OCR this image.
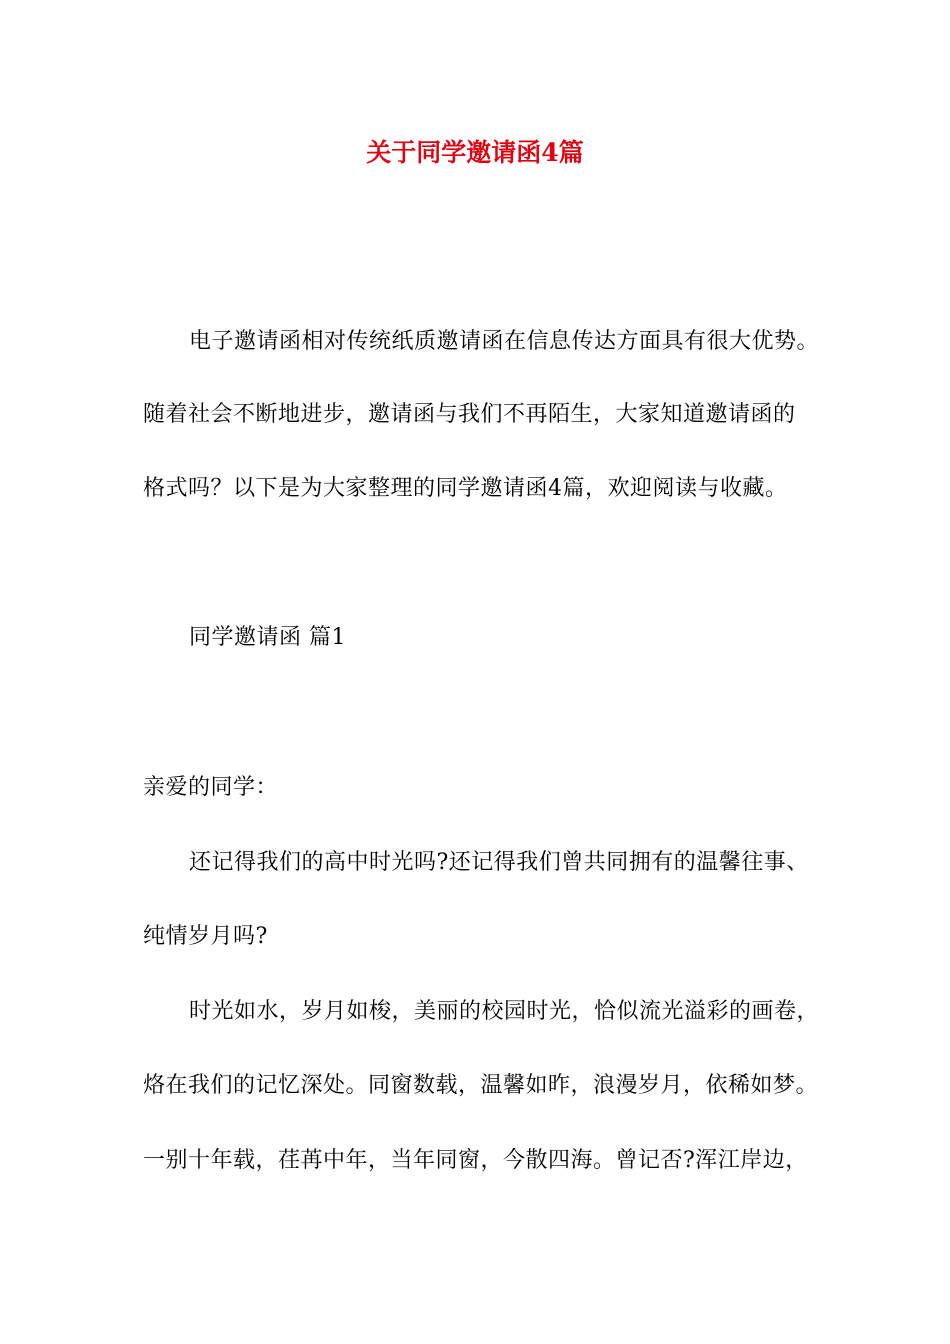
关于同学邀请函4篇
电子邀请函相对传统纸质邀请函在信息传达方面具有很大优势。
随着社会不断地进步，邀请函与我们不再陌生，大家知道邀请函的
格式吗？以下是为大家整理的同学邀请函4篇，欢迎阅读与收藏。
同学邀请函 篇1
亲爱的同学：
还记得我们的高中时光吗?还记得我们曾共同拥有的温馨往事、
纯情岁月吗?
时光如水，岁月如梭，美丽的校园时光，恰似流光溢彩的画卷，
烙在我们的记忆深处。同窗数载，温馨如昨，浪漫岁月，依稀如梦。
一别十年载，荏苒中年，当年同窗，今散四海。曾记否?浑江岸边，
